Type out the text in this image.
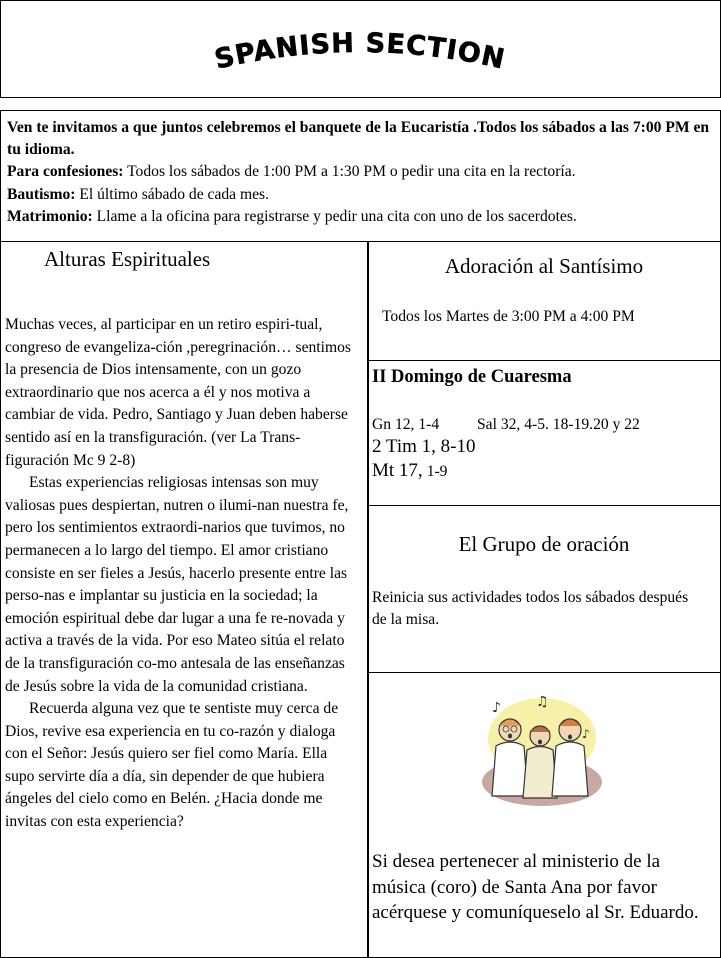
SPANISH SECTION
Ven te invitamos a que juntos celebremos el banquete de la Eucaristía .Todos los sábados a las 7:00 PM en tu idioma.
Para confesiones: Todos los sábados de 1:00 PM a 1:30 PM o pedir una cita en la rectoría.
Bautismo: El último sábado de cada mes.
Matrimonio: Llame a la oficina para registrarse y pedir una cita con uno de los sacerdotes.
Alturas Espirituales

Muchas veces, al participar en un retiro espiri-tual, congreso de evangeliza-ción ,peregrinación… sentimos la presencia de Dios intensamente, con un gozo extraordinario que nos acerca a él y nos motiva a cambiar de vida. Pedro, Santiago y Juan deben haberse sentido así en la transfiguración. (ver La Trans-figuración Mc 9 2-8)

Estas experiencias religiosas intensas son muy valiosas pues despiertan, nutren o ilumi-nan nuestra fe, pero los sentimientos extraordi-narios que tuvimos, no permanecen a lo largo del tiempo. El amor cristiano consiste en ser fieles a Jesús, hacerlo presente entre las perso-nas e implantar su justicia en la sociedad; la emoción espiritual debe dar lugar a una fe re-novada y activa a través de la vida. Por eso Mateo sitúa el relato de la transfiguración co-mo antesala de las enseñanzas de Jesús sobre la vida de la comunidad cristiana.

Recuerda alguna vez que te sentiste muy cerca de Dios, revive esa experiencia en tu co-razón y dialoga con el Señor: Jesús quiero ser fiel como María. Ella supo servirte día a día, sin depender de que hubiera ángeles del cielo como en Belén. ¿Hacia donde me invitas con esta experiencia?

Adoración al Santísimo
Todos los Martes de 3:00 PM a 4:00 PM
II Domingo de Cuaresma
Gn 12, 1-4 Sal 32, 4-5. 18-19.20 y 22
2 Tim 1, 8-10
Mt 17, 1-9
El Grupo de oración
Reinicia sus actividades todos los sábados después de la misa.
♪	♫
♪
Si desea pertenecer al ministerio de la música (coro) de Santa Ana por favor acérquese y comuníqueselo al Sr. Eduardo.
